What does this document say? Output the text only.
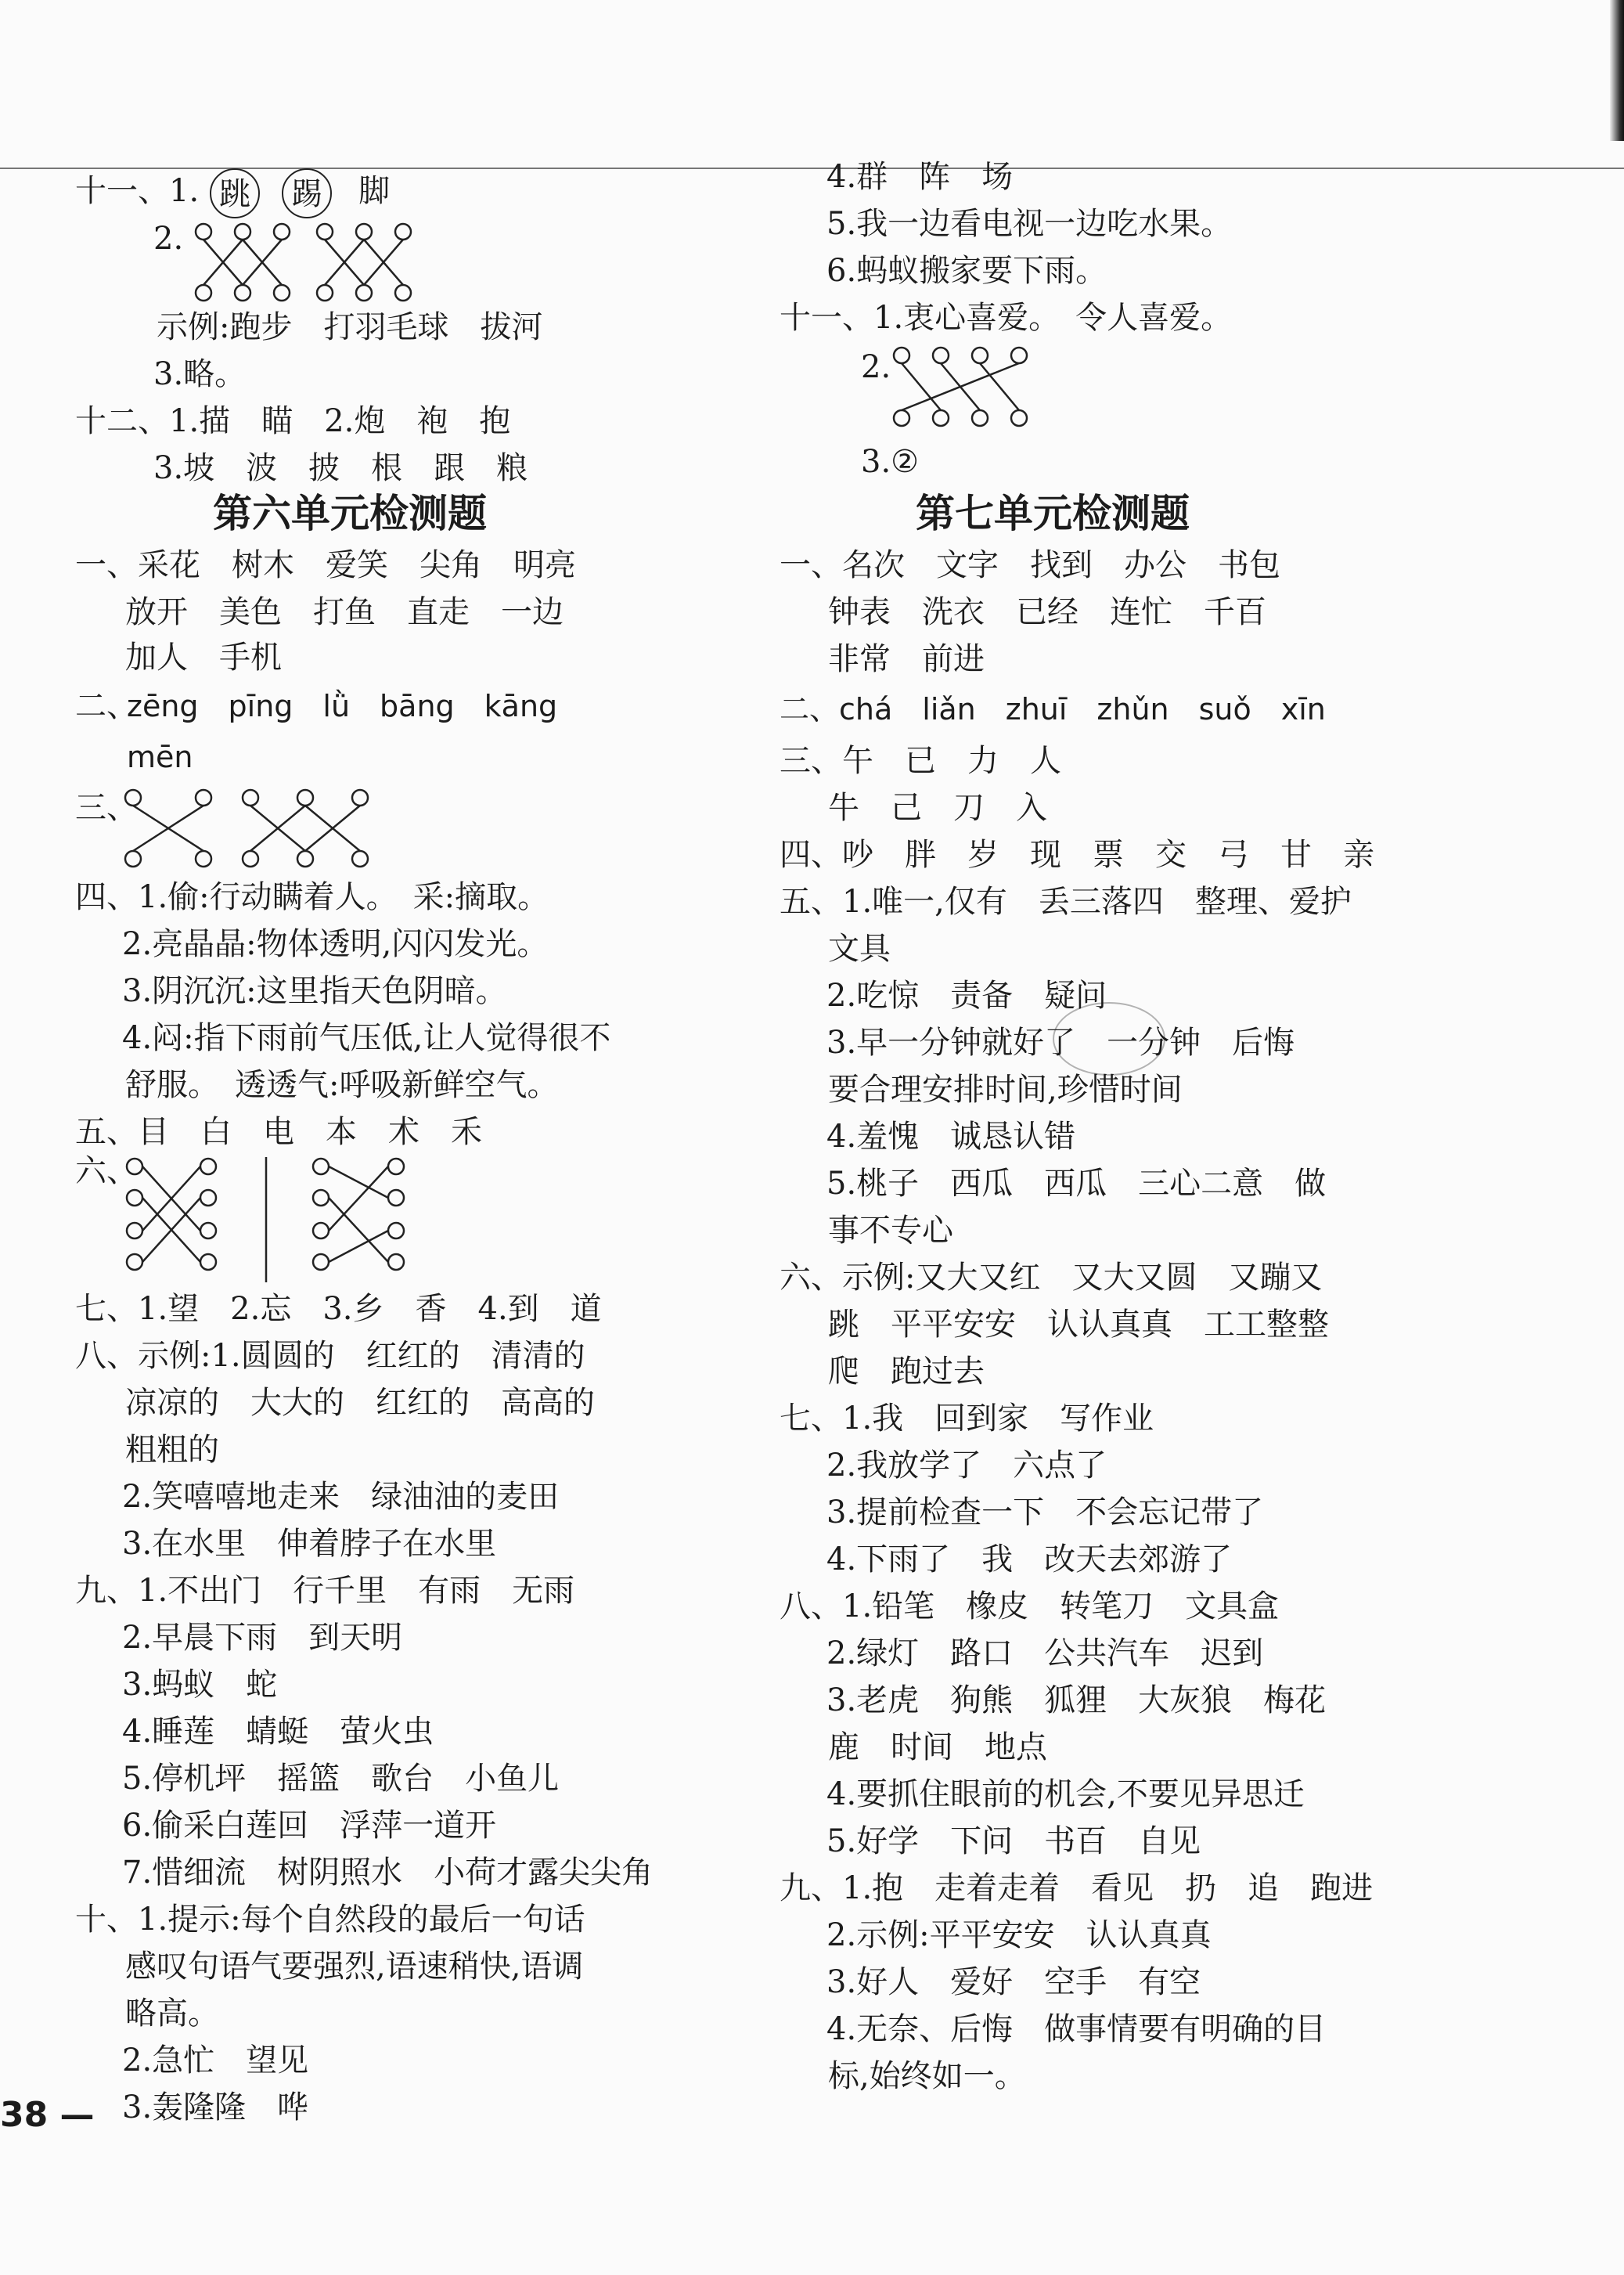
十一、1. 跳 踢 脚
2.
示例:跑步　打羽毛球　拔河
3.略。
十二、1.描　瞄　2.炮　袍　抱
3.坡　波　披　根　跟　粮
第六单元检测题
一、采花　树木　爱笑　尖角　明亮
放开　美色　打鱼　直走　一边
加人　手机
二、
zēng　pīng　lǜ　bāng　kāng
mēn
三、
四、1.偷:行动瞒着人。　采:摘取。
2.亮晶晶:物体透明,闪闪发光。
3.阴沉沉:这里指天色阴暗。
4.闷:指下雨前气压低,让人觉得很不
舒服。　透透气:呼吸新鲜空气。
五、目　白　电　本　术　禾
六、
七、1.望　2.忘　3.乡　香　4.到　道
八、示例:1.圆圆的　红红的　清清的
凉凉的　大大的　红红的　高高的
粗粗的
2.笑嘻嘻地走来　绿油油的麦田
3.在水里　伸着脖子在水里
九、1.不出门　行千里　有雨　无雨
2.早晨下雨　到天明
3.蚂蚁　蛇
4.睡莲　蜻蜓　萤火虫
5.停机坪　摇篮　歌台　小鱼儿
6.偷采白莲回　浮萍一道开
7.惜细流　树阴照水　小荷才露尖尖角
十、1.提示:每个自然段的最后一句话
感叹句语气要强烈,语速稍快,语调
略高。
2.急忙　望见
3.轰隆隆　哗
38 —
4.群　阵　场
5.我一边看电视一边吃水果。
6.蚂蚁搬家要下雨。
十一、1.衷心喜爱。　令人喜爱。
2.
3.②
第七单元检测题
一、名次　文字　找到　办公　书包
钟表　洗衣　已经　连忙　千百
非常　前进
二、chá　liǎn　zhuī　zhǔn　suǒ　xīn
三、午　已　力　人
牛　己　刀　入
四、吵　胖　岁　现　票　交　弓　甘　亲
五、1.唯一,仅有　丢三落四　整理、爱护
文具
2.吃惊　责备　疑问
3.早一分钟就好了　一分钟　后悔
要合理安排时间,珍惜时间
4.羞愧　诚恳认错
5.桃子　西瓜　西瓜　三心二意　做
事不专心
六、示例:又大又红　又大又圆　又蹦又
跳　平平安安　认认真真　工工整整
爬　跑过去
七、1.我　回到家　写作业
2.我放学了　六点了
3.提前检查一下　不会忘记带了
4.下雨了　我　改天去郊游了
八、1.铅笔　橡皮　转笔刀　文具盒
2.绿灯　路口　公共汽车　迟到
3.老虎　狗熊　狐狸　大灰狼　梅花
鹿　时间　地点
4.要抓住眼前的机会,不要见异思迁
5.好学　下问　书百　自见
九、1.抱　走着走着　看见　扔　追　跑进
2.示例:平平安安　认认真真
3.好人　爱好　空手　有空
4.无奈、后悔　做事情要有明确的目
标,始终如一。
